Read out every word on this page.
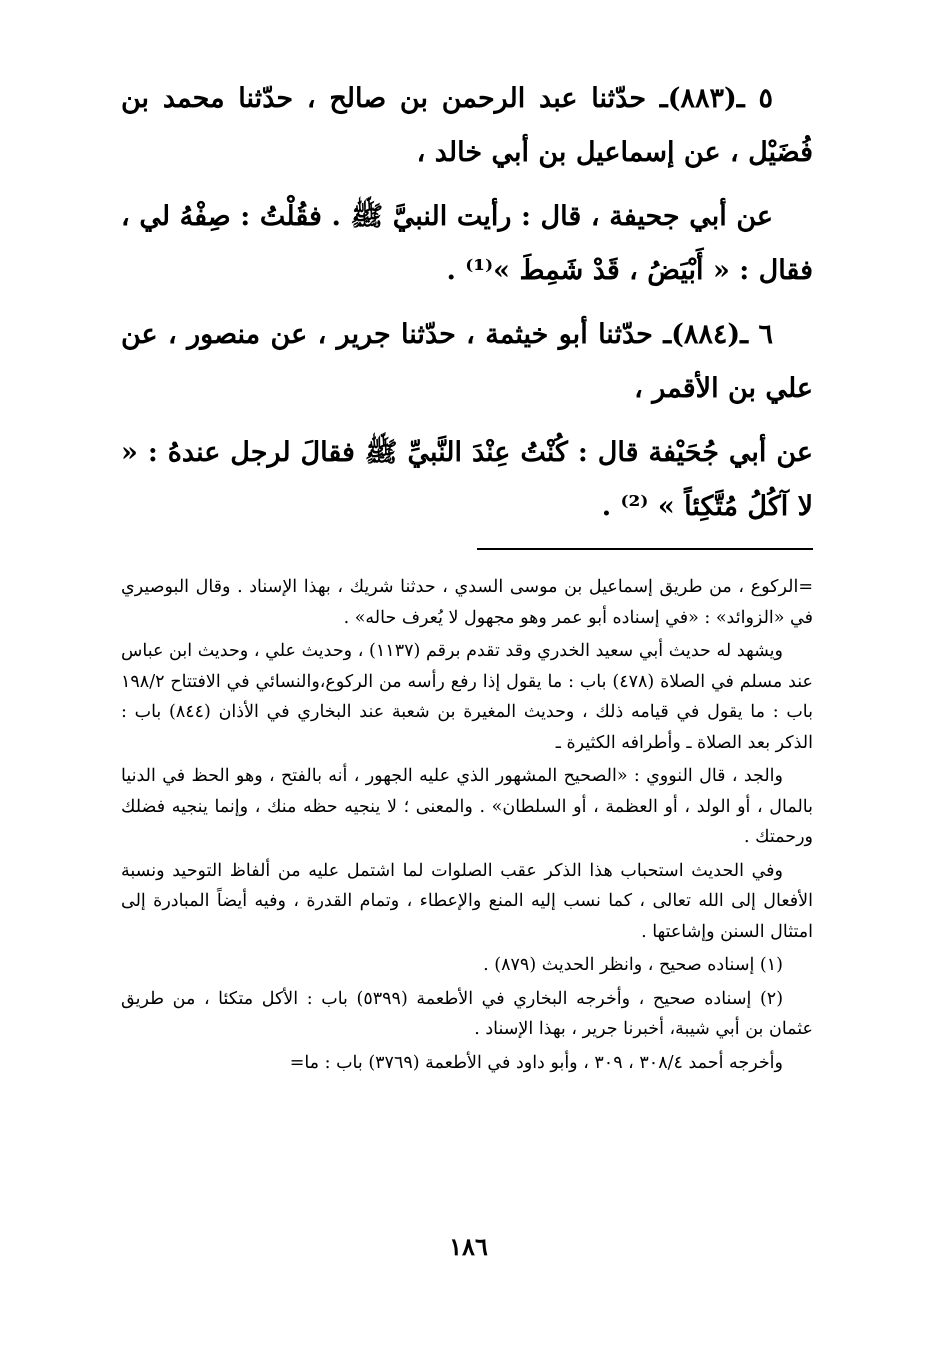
٥ ـ(٨٨٣)ـ حدّثنا عبد الرحمن بن صالح ، حدّثنا محمد بن فُضَيْل ، عن إسماعيل بن أبي خالد ،

عن أبي جحيفة ، قال : رأيت النبيَّ ﷺ . فقُلْتُ : صِفْهُ لي ، فقال : « أَبْيَضُ ، قَدْ شَمِطَ »⁽¹⁾ .

٦ ـ(٨٨٤)ـ حدّثنا أبو خيثمة ، حدّثنا جرير ، عن منصور ، عن علي بن الأقمر ،

عن أبي جُحَيْفة قال : كُنْتُ عِنْدَ النَّبيِّ ﷺ فقالَ لرجل عندهُ : « لا آكُلُ مُتَّكِئاً » ⁽²⁾ .

=الركوع ، من طريق إسماعيل بن موسى السدي ، حدثنا شريك ، بهذا الإسناد . وقال البوصيري في «الزوائد» : «في إسناده أبو عمر وهو مجهول لا يُعرف حاله» .

ويشهد له حديث أبي سعيد الخدري وقد تقدم برقم (١١٣٧) ، وحديث علي ، وحديث ابن عباس عند مسلم في الصلاة (٤٧٨) باب : ما يقول إذا رفع رأسه من الركوع،والنسائي في الافتتاح ١٩٨/٢ باب : ما يقول في قيامه ذلك ، وحديث المغيرة بن شعبة عند البخاري في الأذان (٨٤٤) باب : الذكر بعد الصلاة ـ وأطرافه الكثيرة ـ

والجد ، قال النووي : «الصحيح المشهور الذي عليه الجهور ، أنه بالفتح ، وهو الحظ في الدنيا بالمال ، أو الولد ، أو العظمة ، أو السلطان» . والمعنى ؛ لا ينجيه حظه منك ، وإنما ينجيه فضلك ورحمتك .

وفي الحديث استحباب هذا الذكر عقب الصلوات لما اشتمل عليه من ألفاظ التوحيد ونسبة الأفعال إلى الله تعالى ، كما نسب إليه المنع والإعطاء ، وتمام القدرة ، وفيه أيضاً المبادرة إلى امتثال السنن وإشاعتها .

(١) إسناده صحيح ، وانظر الحديث (٨٧٩) .

(٢) إسناده صحيح ، وأخرجه البخاري في الأطعمة (٥٣٩٩) باب : الأكل متكئا ، من طريق عثمان بن أبي شيبة، أخبرنا جرير ، بهذا الإسناد .

وأخرجه أحمد ٣٠٨/٤ ، ٣٠٩ ، وأبو داود في الأطعمة (٣٧٦٩) باب : ما=

١٨٦
